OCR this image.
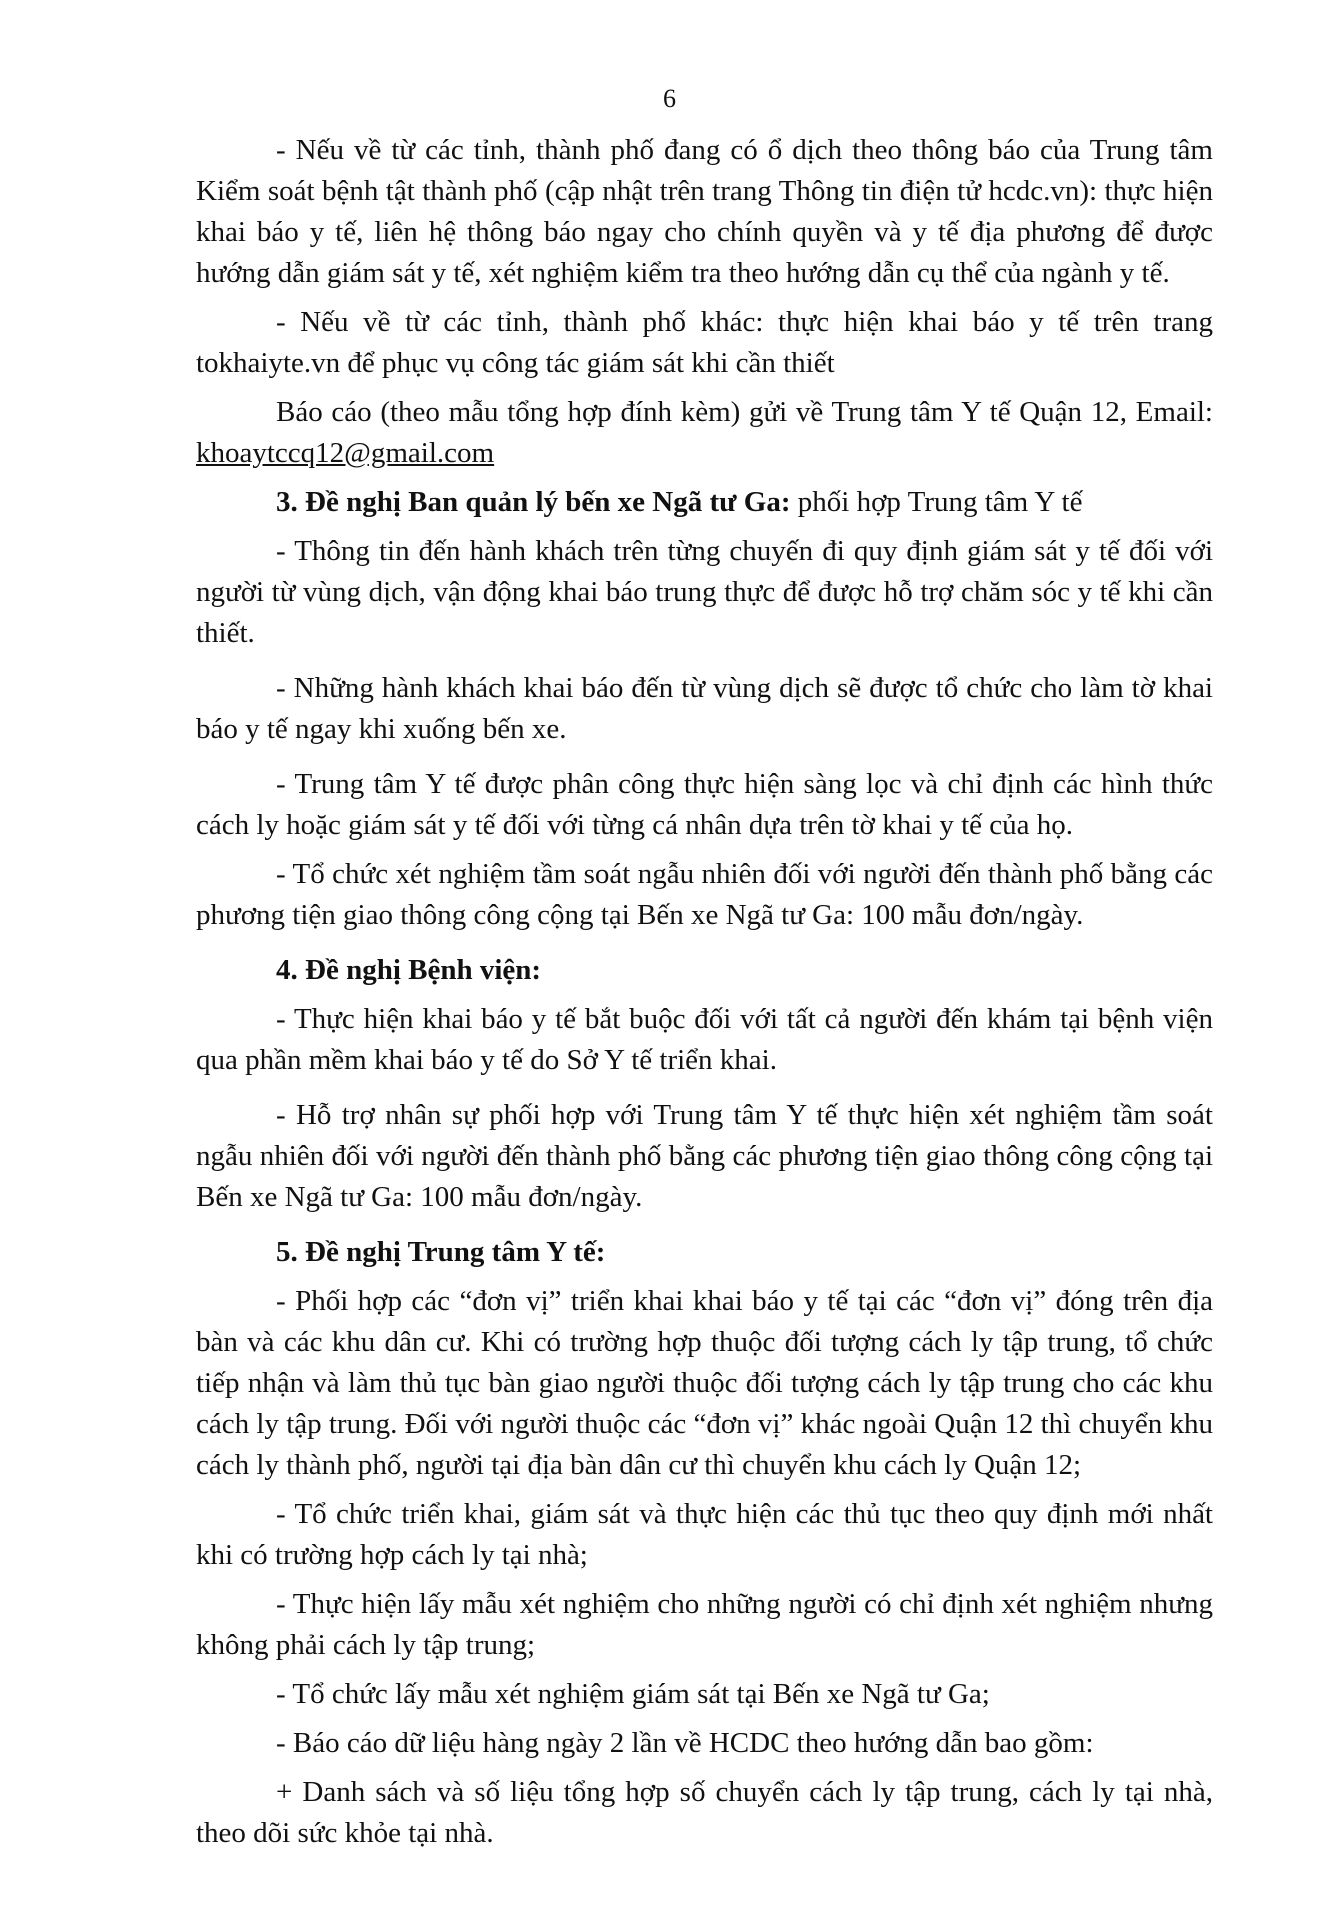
6

- Nếu về từ các tỉnh, thành phố đang có ổ dịch theo thông báo của Trung tâm Kiểm soát bệnh tật thành phố (cập nhật trên trang Thông tin điện tử hcdc.vn): thực hiện khai báo y tế, liên hệ thông báo ngay cho chính quyền và y tế địa phương để được hướng dẫn giám sát y tế, xét nghiệm kiểm tra theo hướng dẫn cụ thể của ngành y tế.

- Nếu về từ các tỉnh, thành phố khác: thực hiện khai báo y tế trên trang tokhaiyte.vn để phục vụ công tác giám sát khi cần thiết

Báo cáo (theo mẫu tổng hợp đính kèm) gửi về Trung tâm Y tế Quận 12, Email: khoaytccq12@gmail.com

3. Đề nghị Ban quản lý bến xe Ngã tư Ga: phối hợp Trung tâm Y tế

- Thông tin đến hành khách trên từng chuyến đi quy định giám sát y tế đối với người từ vùng dịch, vận động khai báo trung thực để được hỗ trợ chăm sóc y tế khi cần thiết.

- Những hành khách khai báo đến từ vùng dịch sẽ được tổ chức cho làm tờ khai báo y tế ngay khi xuống bến xe.

- Trung tâm Y tế được phân công thực hiện sàng lọc và chỉ định các hình thức cách ly hoặc giám sát y tế đối với từng cá nhân dựa trên tờ khai y tế của họ.

- Tổ chức xét nghiệm tầm soát ngẫu nhiên đối với người đến thành phố bằng các phương tiện giao thông công cộng tại Bến xe Ngã tư Ga: 100 mẫu đơn/ngày.

4. Đề nghị Bệnh viện:

- Thực hiện khai báo y tế bắt buộc đối với tất cả người đến khám tại bệnh viện qua phần mềm khai báo y tế do Sở Y tế triển khai.

- Hỗ trợ nhân sự phối hợp với Trung tâm Y tế thực hiện xét nghiệm tầm soát ngẫu nhiên đối với người đến thành phố bằng các phương tiện giao thông công cộng tại Bến xe Ngã tư Ga: 100 mẫu đơn/ngày.

5. Đề nghị Trung tâm Y tế:

- Phối hợp các “đơn vị” triển khai khai báo y tế tại các “đơn vị” đóng trên địa bàn và các khu dân cư. Khi có trường hợp thuộc đối tượng cách ly tập trung, tổ chức tiếp nhận và làm thủ tục bàn giao người thuộc đối tượng cách ly tập trung cho các khu cách ly tập trung. Đối với người thuộc các “đơn vị” khác ngoài Quận 12 thì chuyển khu cách ly thành phố, người tại địa bàn dân cư thì chuyển khu cách ly Quận 12;

- Tổ chức triển khai, giám sát và thực hiện các thủ tục theo quy định mới nhất khi có trường hợp cách ly tại nhà;

- Thực hiện lấy mẫu xét nghiệm cho những người có chỉ định xét nghiệm nhưng không phải cách ly tập trung;

- Tổ chức lấy mẫu xét nghiệm giám sát tại Bến xe Ngã tư Ga;

- Báo cáo dữ liệu hàng ngày 2 lần về HCDC theo hướng dẫn bao gồm:

+ Danh sách và số liệu tổng hợp số chuyển cách ly tập trung, cách ly tại nhà, theo dõi sức khỏe tại nhà.
